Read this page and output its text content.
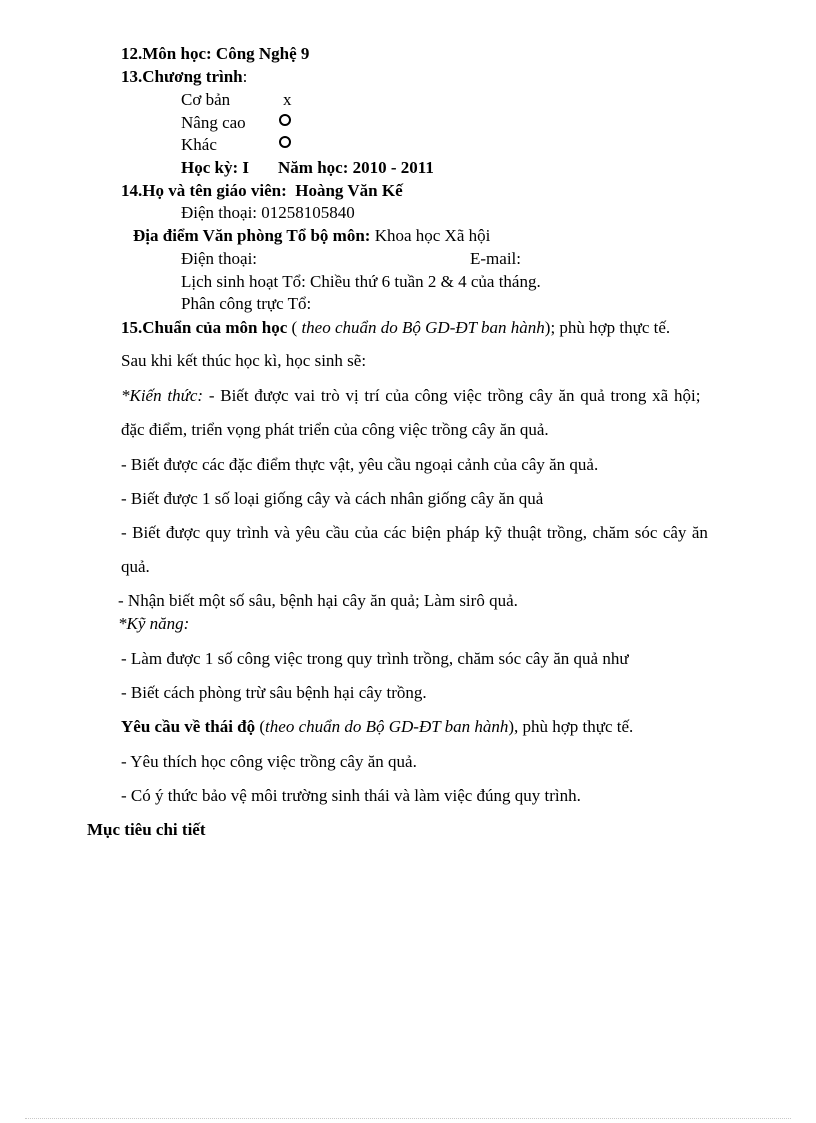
12.Môn học: Công Nghệ 9
13.Chương trình:
Cơ bản	x
Nâng cao
Khác
Học kỳ: I Năm học: 2010 - 2011
14.Họ và tên giáo viên: Hoàng Văn Kế
Điện thoại: 01258105840
Địa điểm Văn phòng Tổ bộ môn: Khoa học Xã hội
Điện thoại:	E-mail:
Lịch sinh hoạt Tổ: Chiều thứ 6 tuần 2 & 4 của tháng.
Phân công trực Tổ:
15.Chuẩn của môn học ( theo chuẩn do Bộ GD-ĐT ban hành); phù hợp thực tế.
Sau khi kết thúc học kì, học sinh sẽ:
*Kiến thức: - Biết được vai trò vị trí của công việc trồng cây ăn quả trong xã hội;
đặc điểm, triển vọng phát triển của công việc trồng cây ăn quả.
- Biết được các đặc điểm thực vật, yêu cầu ngoại cảnh của cây ăn quả.
- Biết được 1 số loại giống cây và cách nhân giống cây ăn quả
- Biết được quy trình và yêu cầu của các biện pháp kỹ thuật trồng, chăm sóc cây ăn
quả.
- Nhận biết một số sâu, bệnh hại cây ăn quả; Làm sirô quả.
*Kỹ năng:
- Làm được 1 số công việc trong quy trình trồng, chăm sóc cây ăn quả như
- Biết cách phòng trừ sâu bệnh hại cây trồng.
Yêu cầu về thái độ (theo chuẩn do Bộ GD-ĐT ban hành), phù hợp thực tế.
- Yêu thích học công việc trồng cây ăn quả.
- Có ý thức bảo vệ môi trường sinh thái và làm việc đúng quy trình.
Mục tiêu chi tiết
